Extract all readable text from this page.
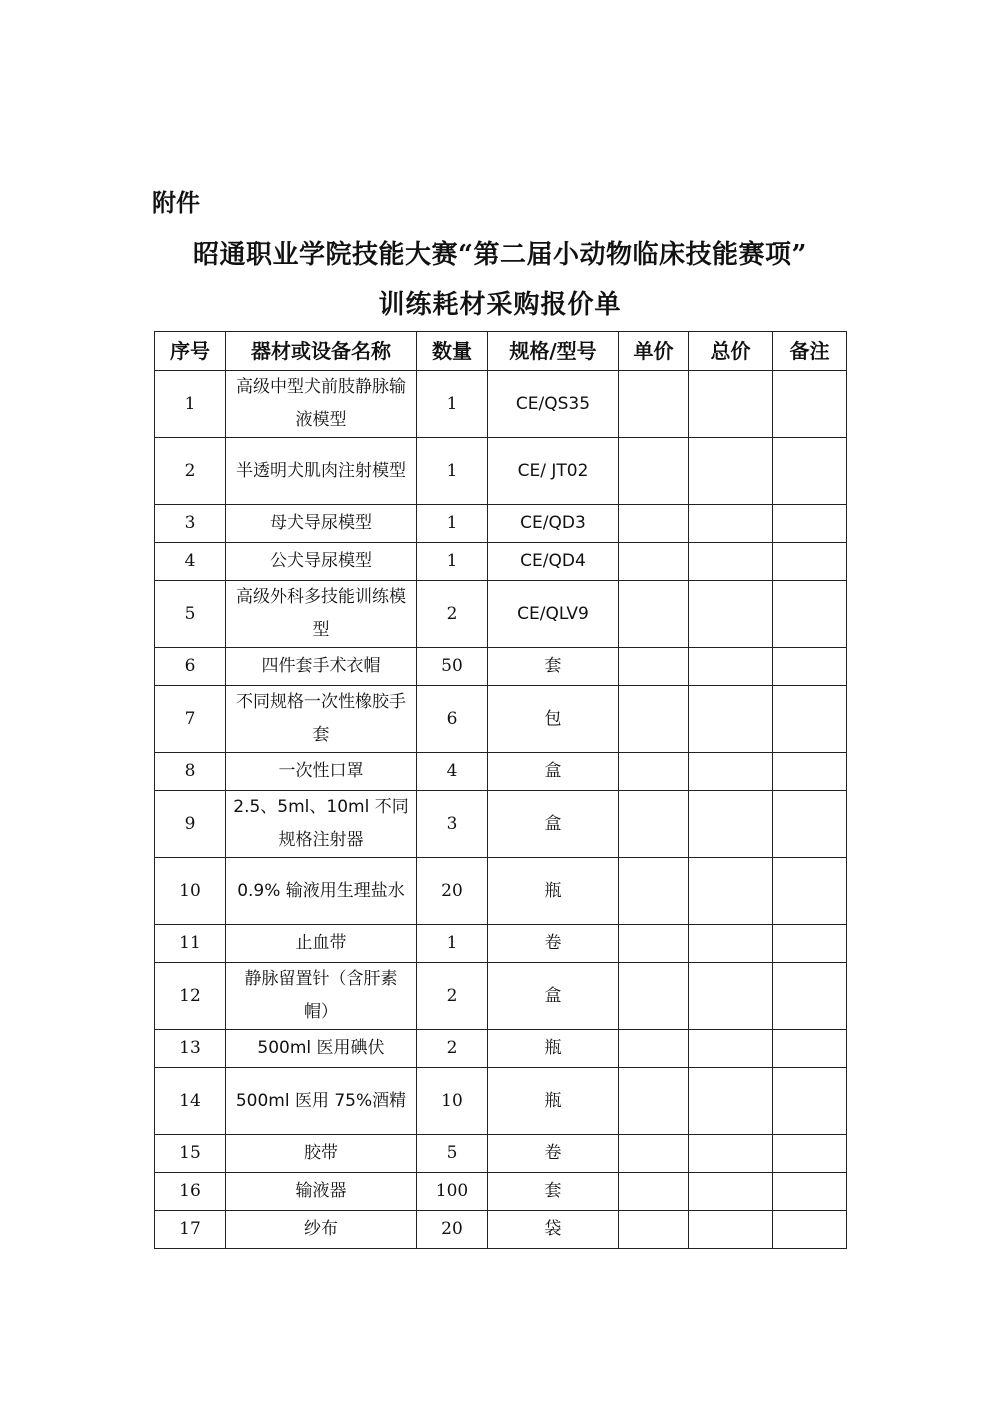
附件
昭通职业学院技能大赛“第二届小动物临床技能赛项”
训练耗材采购报价单
序号	器材或设备名称	数量	规格/型号	单价	总价	备注
1	高级中型犬前肢静脉输液模型	1	CE/QS35			
2	半透明犬肌肉注射模型	1	CE/ JT02			
3	母犬导尿模型	1	CE/QD3			
4	公犬导尿模型	1	CE/QD4			
5	高级外科多技能训练模型	2	CE/QLV9			
6	四件套手术衣帽	50	套			
7	不同规格一次性橡胶手套	6	包			
8	一次性口罩	4	盒			
9	2.5、5ml、10ml 不同规格注射器	3	盒			
10	0.9% 输液用生理盐水	20	瓶			
11	止血带	1	卷			
12	静脉留置针（含肝素帽）	2	盒			
13	500ml 医用碘伏	2	瓶			
14	500ml 医用 75%酒精	10	瓶			
15	胶带	5	卷			
16	输液器	100	套			
17	纱布	20	袋			
